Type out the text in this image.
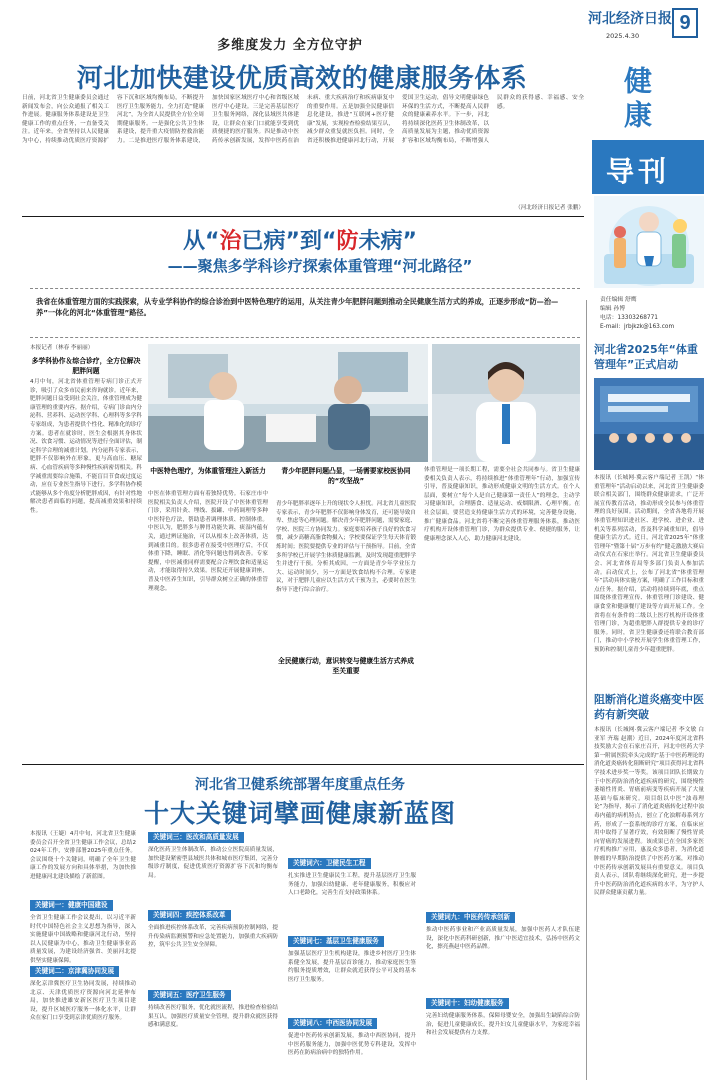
河北经济日报
2025.4.30
9
健康
导刊
责任编辑 舒鹰
编辑 孙博
电话：13303268771
E-mail：jrbjkzk@163.com
多维度发力 全方位守护
河北加快建设优质高效的健康服务体系
日前，河北省卫生健康委员会通过新闻发布会，向公众通报了相关工作进展。健康服务体系建设是卫生健康工作的重点任务，一直备受关注。近年来，全省坚持以人民健康为中心，持续推动优质医疗资源扩容下沉和区域均衡布局，不断提升医疗卫生服务能力，全力打造“健康河北”，为全省人民提供全方位全周期健康服务。一是强化公共卫生体系建设，提升重大疫情防控救治能力。二是推进医疗服务体系建设，加快国家区域医疗中心和省级区域医疗中心建设。三是完善基层医疗卫生服务网络，深化县域医共体建设，让群众在家门口就能享受到优质便捷的医疗服务。四是推动中医药传承创新发展，发挥中医药在治未病、重大疾病治疗和疾病康复中的重要作用。五是加强全民健康信息化建设，推进“互联网+医疗健康”发展，实现检查检验结果互认，减少群众重复就医负担。同时，全省还积极推进健康河北行动，开展爱国卫生运动，倡导文明健康绿色环保的生活方式，不断提高人民群众的健康素养水平。下一步，河北将持续深化医药卫生体制改革，以高质量发展为主题，推动优质资源扩容和区域均衡布局，不断增强人民群众的获得感、幸福感、安全感。
（河北经济日报记者 张鹏）
从“治已病”到“防未病”
——聚焦多学科诊疗探索体重管理“河北路径”
我省在体重管理方面的实践探索，从专业学科协作的综合诊治到中医特色理疗的运用，从关注青少年肥胖问题到推动全民健康生活方式的养成，正逐步形成“防—治—养”一体化的河北“体重管理”路径。
本报记者（林春 李丽丽）
多学科协作＆综合诊疗，全方位解决肥胖问题
4月中旬，河北省体重管理专病门诊正式开诊，吸引了众多市民前来咨询就诊。近年来，肥胖问题日益受到社会关注，体重管理成为健康管理的重要内容。据介绍，专病门诊由内分泌科、营养科、运动医学科、心理科等多学科专家组成，为患者提供个性化、精准化的诊疗方案。患者在就诊时，医生会根据其身体状况、饮食习惯、运动情况等进行全面评估，制定科学合理的减重计划。内分泌科专家表示，肥胖不仅影响外在形象，更与高血压、糖尿病、心血管疾病等多种慢性疾病密切相关。科学减重需要综合施策，不能盲目节食或过度运动，应在专业医生指导下进行。多学科协作模式能够从多个角度分析肥胖成因，有针对性地解决患者面临的问题，提高减重效果和持续性。
中医特色理疗，为体重管理注入新活力
中医在体重管理方面有着独特优势。石家庄市中医院相关负责人介绍，医院开设了中医体重管理门诊，采用针灸、埋线、拔罐、中药调理等多种中医特色疗法，帮助患者调理体质、控制体重。中医认为，肥胖多与脾胃功能失调、痰湿内蕴有关，通过辨证施治，可以从根本上改善体质，达到减重目的。很多患者在接受中医理疗后，不仅体重下降，睡眠、消化等问题也得到改善。专家提醒，中医减重同样需要配合合理饮食和适量运动，才能取得持久效果。医院还开展健康讲座，普及中医养生知识，引导群众树立正确的体重管理观念。
青少年肥胖问题凸显，一场需要家校医协同的“攻坚战”
青少年肥胖率逐年上升的现状令人担忧。河北省儿童医院专家表示，青少年肥胖不仅影响身体发育，还可能导致自卑、焦虑等心理问题。解决青少年肥胖问题，需要家庭、学校、医院三方协同发力。家庭要培养孩子良好的饮食习惯，减少高糖高脂食物摄入；学校要保证学生每天体育锻炼时间；医院要提供专业的评估与干预指导。目前，全省多所学校已开展学生体质健康监测，及时发现超重肥胖学生并进行干预。分析其成因，一方面是青少年学业压力大、运动时间少，另一方面是饮食结构不合理。专家建议，对于肥胖儿童应以生活方式干预为主，必要时在医生指导下进行综合治疗。
全民健康行动，意识转变与健康生活方式养成至关重要
体重管理是一项长期工程，需要全社会共同参与。省卫生健康委相关负责人表示，将持续推进“体重管理年”行动，加强宣传引导，普及健康知识，推动形成健康文明的生活方式。在个人层面，要树立“每个人是自己健康第一责任人”的理念，主动学习健康知识，合理膳食、适量运动、戒烟限酒、心理平衡。在社会层面，要营造支持健康生活方式的环境，完善健身设施，推广健康食品。河北省将不断完善体重管理服务体系，推动医疗机构开设体重管理门诊，为群众提供专业、便捷的服务，让健康理念深入人心，助力健康河北建设。
河北省2025年“体重管理年”正式启动
本报讯（长城网·冀云客户端记者 王凯）“体重管理年”活动启动以来，河北省卫生健康委联合相关部门，围绕群众健康需求，广泛开展宣传教育活动，推动形成全民参与体重管理的良好氛围。活动期间，全省各地将开展体重管理知识进社区、进学校、进企业、进机关等系列活动，普及科学减重知识，倡导健康生活方式。近日，河北省2025年“体重管理年”暨第十届“万步有约”健走激励大赛启动仪式在石家庄举行。河北省卫生健康委员会、河北省体育局等多部门负责人参加活动。启动仪式上，公布了河北省“体重管理年”活动具体实施方案，明确了工作目标和重点任务。据介绍，活动将持续到年底，重点围绕体重管理宣传、体重管理门诊建设、健康食堂和健康餐厅建设等方面开展工作。全省将在有条件的二级以上医疗机构开设体重管理门诊，为超重肥胖人群提供专业的诊疗服务。同时，省卫生健康委还将联合教育部门，推动中小学校开展学生体重管理工作，预防和控制儿童青少年超重肥胖。
阻断消化道炎癌变中医药有新突破
本报讯（长城网·冀云客户端记者 李文敏 白亚军 齐瑞 赵潮）近日，2024年度河北省科技奖励大会在石家庄召开，河北中医药大学第一附属医院牵头完成的“基于中医药理论的消化道炎癌转化阻断研究”项目获得河北省科学技术进步奖一等奖。该项目团队长期致力于中医药防治消化道疾病的研究，围绕慢性萎缩性胃炎、胃癌前病变等疾病开展了大量基础与临床研究。项目组以中医“浊毒理论”为指导，揭示了消化道炎癌转化过程中浊毒内蕴的病机特点，创立了化浊解毒系列方药，形成了一套系统的诊疗方案，在临床应用中取得了显著疗效，有效阻断了慢性胃炎向胃癌的发展进程。该成果已在全国多家医疗机构推广应用，惠及众多患者，为消化道肿瘤的早期防治提供了中医药方案，对推动中医药传承创新发展具有重要意义。项目负责人表示，团队将继续深化研究，进一步提升中医药防治消化道疾病的水平，为守护人民群众健康贡献力量。
河北省卫健系统部署年度重点任务
十大关键词擘画健康新蓝图
本报讯（王婕）4月中旬，河北省卫生健康委员会召开全省卫生健康工作会议，总结2024年工作，安排部署2025年重点任务。会议围绕十个关键词，明确了全年卫生健康工作的发展方向和具体举措，为加快推进健康河北建设描绘了新蓝图。
关键词一：健康中国建设
全省卫生健康工作会议提出，以习近平新时代中国特色社会主义思想为指导，深入实施健康中国战略和健康河北行动，坚持以人民健康为中心，推动卫生健康事业高质量发展，为建设经济强省、美丽河北提供坚实健康保障。
关键词二：京津冀协同发展
深化京津冀医疗卫生协同发展，持续推动北京、天津优质医疗资源向河北延伸布局，加快推进雄安新区医疗卫生项目建设，提升区域医疗服务一体化水平，让群众在家门口享受到京津优质医疗服务。
关键词三：医改和高质量发展
深化医药卫生体制改革，推动公立医院高质量发展，加快建设紧密型县域医共体和城市医疗集团，完善分级诊疗制度，促进优质医疗资源扩容下沉和均衡布局。
关键词四：疾控体系改革
全面推进疾控体系改革，完善疾病预防控制网络，提升传染病监测预警和应急处置能力，加强重大疾病防控，筑牢公共卫生安全屏障。
关键词五：医疗卫生服务
持续改善医疗服务，优化就医流程，推进检查检验结果互认，加强医疗质量安全管理，提升群众就医获得感和满意度。
关键词六：卫健民生工程
扎实推进卫生健康民生工程，提升基层医疗卫生服务能力，加强妇幼健康、老年健康服务，积极应对人口老龄化，完善生育支持政策体系。
关键词七：基层卫生健康服务
加强基层医疗卫生机构建设，推进乡村医疗卫生体系健全发展，提升基层首诊能力，推动家庭医生签约服务提质增效，让群众就近获得公平可及的基本医疗卫生服务。
关键词八：中西医协同发展
促进中医药传承创新发展，推动中西医协同，提升中医药服务能力，加强中医优势专科建设，发挥中医药在防病治病中的独特作用。
关键词九：中医药传承创新
推动中医药事业和产业高质量发展，加强中医药人才队伍建设，深化中医药科研创新，推广中医适宜技术，弘扬中医药文化，擦亮燕赵中医药品牌。
关键词十：妇幼健康服务
完善妇幼健康服务体系，保障母婴安全，加强出生缺陷综合防治，促进儿童健康成长，提升妇女儿童健康水平，为家庭幸福和社会发展提供有力支撑。
